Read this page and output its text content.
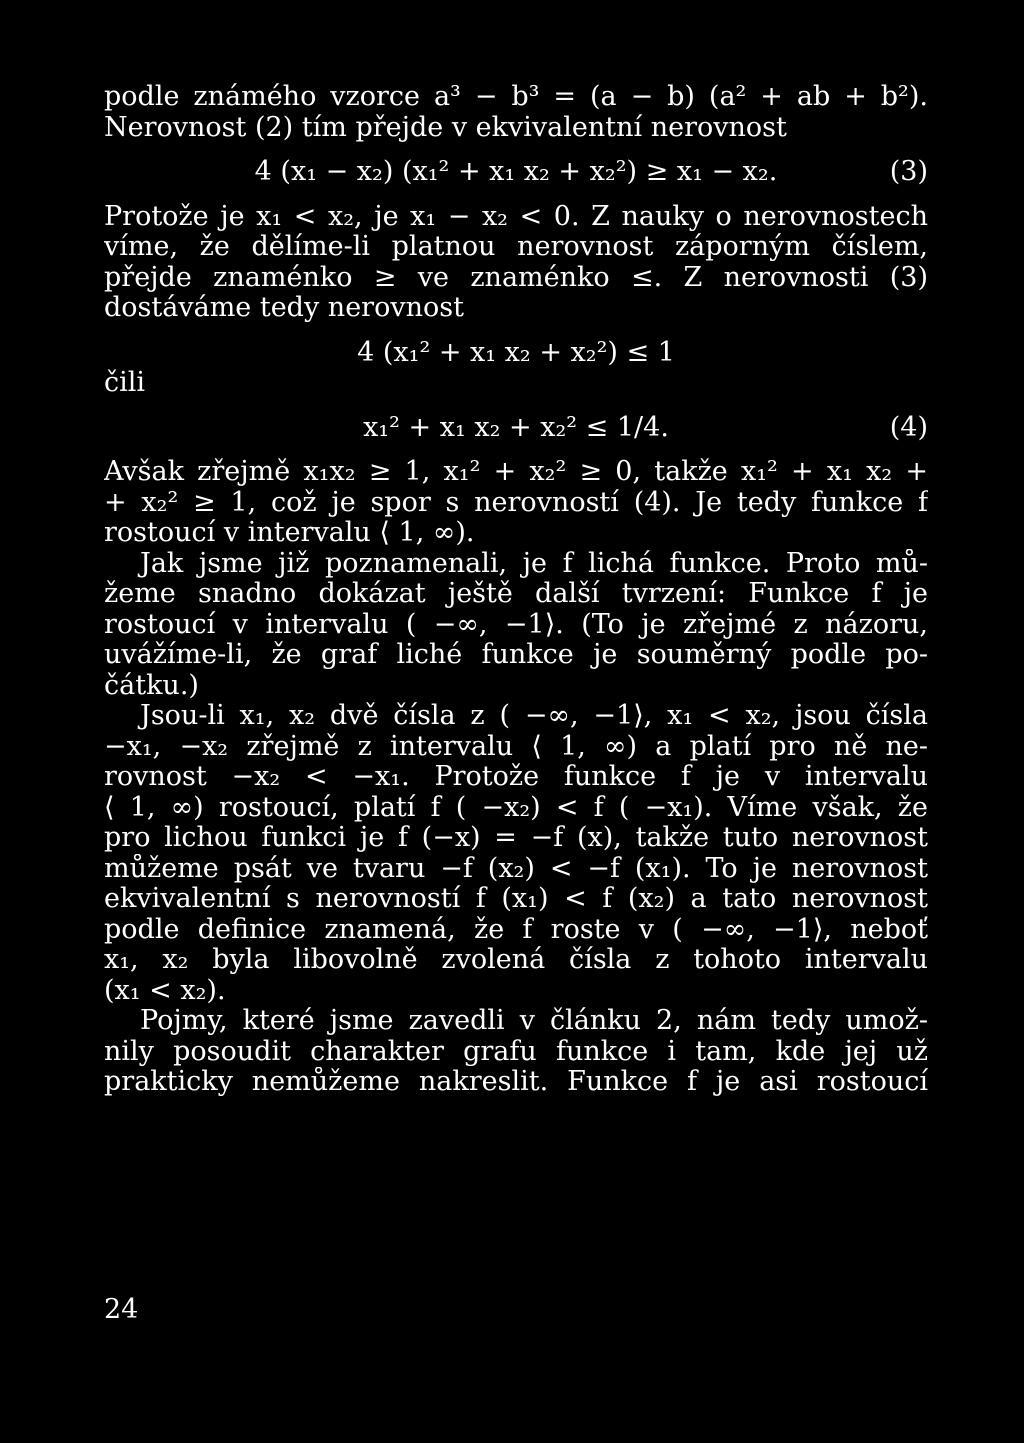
podle známého vzorce a³ − b³ = (a − b) (a² + ab + b²).
Nerovnost (2) tím přejde v ekvivalentní nerovnost
4 (x₁ − x₂) (x₁² + x₁ x₂ + x₂²) ≥ x₁ − x₂.	(3)
Protože je x₁ < x₂, je x₁ − x₂ < 0. Z nauky o nerovnostech
víme, že dělíme-li platnou nerovnost záporným číslem,
přejde znaménko ≥ ve znaménko ≤. Z nerovnosti (3)
dostáváme tedy nerovnost
4 (x₁² + x₁ x₂ + x₂²) ≤ 1
čili
x₁² + x₁ x₂ + x₂² ≤ 1/4.	(4)
Avšak zřejmě x₁x₂ ≥ 1, x₁² + x₂² ≥ 0, takže x₁² + x₁ x₂ +
+ x₂² ≥ 1, což je spor s nerovností (4). Je tedy funkce f
rostoucí v intervalu ⟨ 1, ∞).
Jak jsme již poznamenali, je f lichá funkce. Proto mů-
žeme snadno dokázat ještě další tvrzení: Funkce f je
rostoucí v intervalu ( −∞, −1⟩. (To je zřejmé z názoru,
uvážíme-li, že graf liché funkce je souměrný podle po-
čátku.)
Jsou-li x₁, x₂ dvě čísla z ( −∞, −1⟩, x₁ < x₂, jsou čísla
−x₁, −x₂ zřejmě z intervalu ⟨ 1, ∞) a platí pro ně ne-
rovnost −x₂ < −x₁. Protože funkce f je v intervalu
⟨ 1, ∞) rostoucí, platí f ( −x₂) < f ( −x₁). Víme však, že
pro lichou funkci je f (−x) = −f (x), takže tuto nerovnost
můžeme psát ve tvaru −f (x₂) < −f (x₁). To je nerovnost
ekvivalentní s nerovností f (x₁) < f (x₂) a tato nerovnost
podle definice znamená, že f roste v ( −∞, −1⟩, neboť
x₁, x₂ byla libovolně zvolená čísla z tohoto intervalu
(x₁ < x₂).
Pojmy, které jsme zavedli v článku 2, nám tedy umož-
nily posoudit charakter grafu funkce i tam, kde jej už
prakticky nemůžeme nakreslit. Funkce f je asi rostoucí
24
